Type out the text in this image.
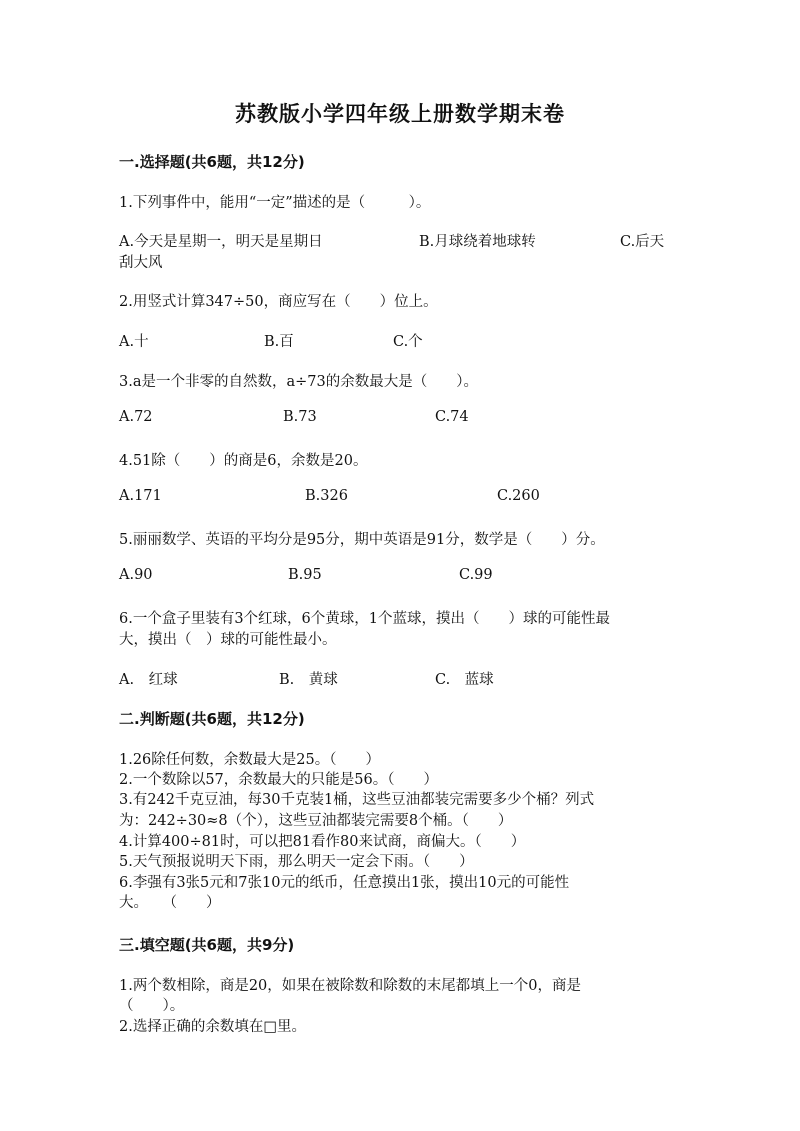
苏教版小学四年级上册数学期末卷
一.选择题(共6题，共12分)
1.下列事件中，能用“一定”描述的是（　　　）。
A.今天是星期一，明天是星期日	B.月球绕着地球转	C.后天
刮大风
2.用竖式计算347÷50，商应写在（　　）位上。
A.十	B.百	C.个
3.a是一个非零的自然数，a÷73的余数最大是（　　）。
A.72	B.73	C.74
4.51除（　　）的商是6，余数是20。
A.171	B.326	C.260
5.丽丽数学、英语的平均分是95分，期中英语是91分，数学是（　　）分。
A.90	B.95	C.99
6.一个盒子里装有3个红球，6个黄球，1个蓝球，摸出（　　）球的可能性最
大，摸出（　）球的可能性最小。
A.　红球	B.　黄球	C.　蓝球
二.判断题(共6题，共12分)
1.26除任何数，余数最大是25。（　　）
2.一个数除以57，余数最大的只能是56。（　　）
3.有242千克豆油，每30千克装1桶，这些豆油都装完需要多少个桶？列式
为：242÷30≈8（个），这些豆油都装完需要8个桶。（　　）
4.计算400÷81时，可以把81看作80来试商，商偏大。（　　）
5.天气预报说明天下雨，那么明天一定会下雨。（　　）
6.李强有3张5元和7张10元的纸币，任意摸出1张，摸出10元的可能性
大。　　（　　）
三.填空题(共6题，共9分)
1.两个数相除，商是20，如果在被除数和除数的末尾都填上一个0，商是
（　　）。
2.选择正确的余数填在□里。
